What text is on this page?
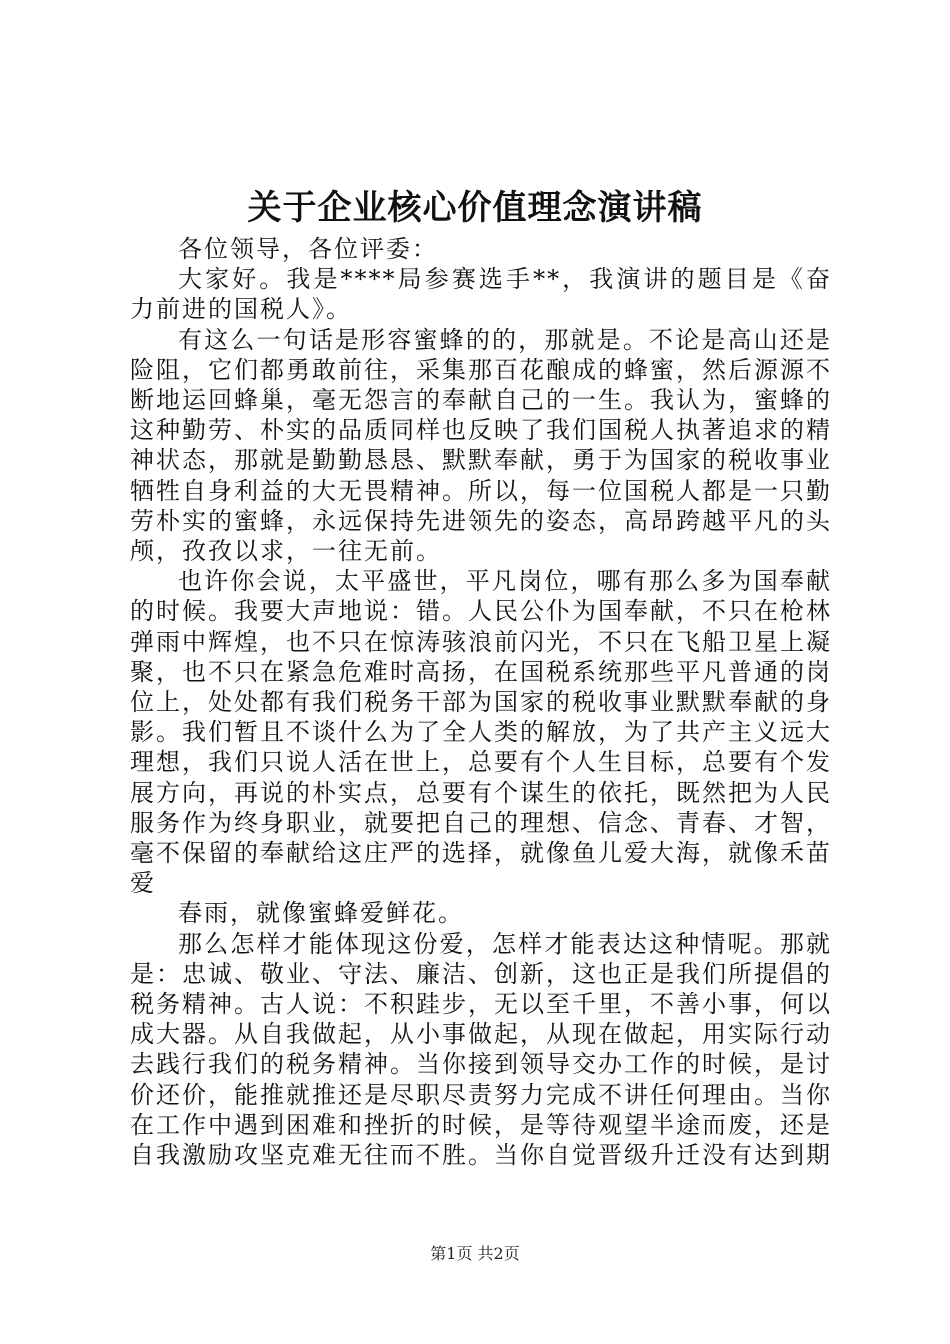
关于企业核心价值理念演讲稿

各位领导，各位评委：

大家好。我是****局参赛选手**，我演讲的题目是《奋力前进的国税人》。

有这么一句话是形容蜜蜂的的，那就是。不论是高山还是险阻，它们都勇敢前往，采集那百花酿成的蜂蜜，然后源源不断地运回蜂巢，毫无怨言的奉献自己的一生。我认为，蜜蜂的这种勤劳、朴实的品质同样也反映了我们国税人执著追求的精神状态，那就是勤勤恳恳、默默奉献，勇于为国家的税收事业牺牲自身利益的大无畏精神。所以，每一位国税人都是一只勤劳朴实的蜜蜂，永远保持先进领先的姿态，高昂跨越平凡的头颅，孜孜以求，一往无前。

也许你会说，太平盛世，平凡岗位，哪有那么多为国奉献的时候。我要大声地说：错。人民公仆为国奉献，不只在枪林弹雨中辉煌，也不只在惊涛骇浪前闪光，不只在飞船卫星上凝聚，也不只在紧急危难时高扬，在国税系统那些平凡普通的岗位上，处处都有我们税务干部为国家的税收事业默默奉献的身影。我们暂且不谈什么为了全人类的解放，为了共产主义远大理想，我们只说人活在世上，总要有个人生目标，总要有个发展方向，再说的朴实点，总要有个谋生的依托，既然把为人民服务作为终身职业，就要把自己的理想、信念、青春、才智，毫不保留的奉献给这庄严的选择，就像鱼儿爱大海，就像禾苗爱

春雨，就像蜜蜂爱鲜花。

那么怎样才能体现这份爱，怎样才能表达这种情呢。那就是：忠诚、敬业、守法、廉洁、创新，这也正是我们所提倡的税务精神。古人说：不积跬步，无以至千里，不善小事，何以成大器。从自我做起，从小事做起，从现在做起，用实际行动去践行我们的税务精神。当你接到领导交办工作的时候，是讨价还价，能推就推还是尽职尽责努力完成不讲任何理由。当你在工作中遇到困难和挫折的时候，是等待观望半途而废，还是自我激励攻坚克难无往而不胜。当你自觉晋级升迁没有达到期

第1页 共2页
